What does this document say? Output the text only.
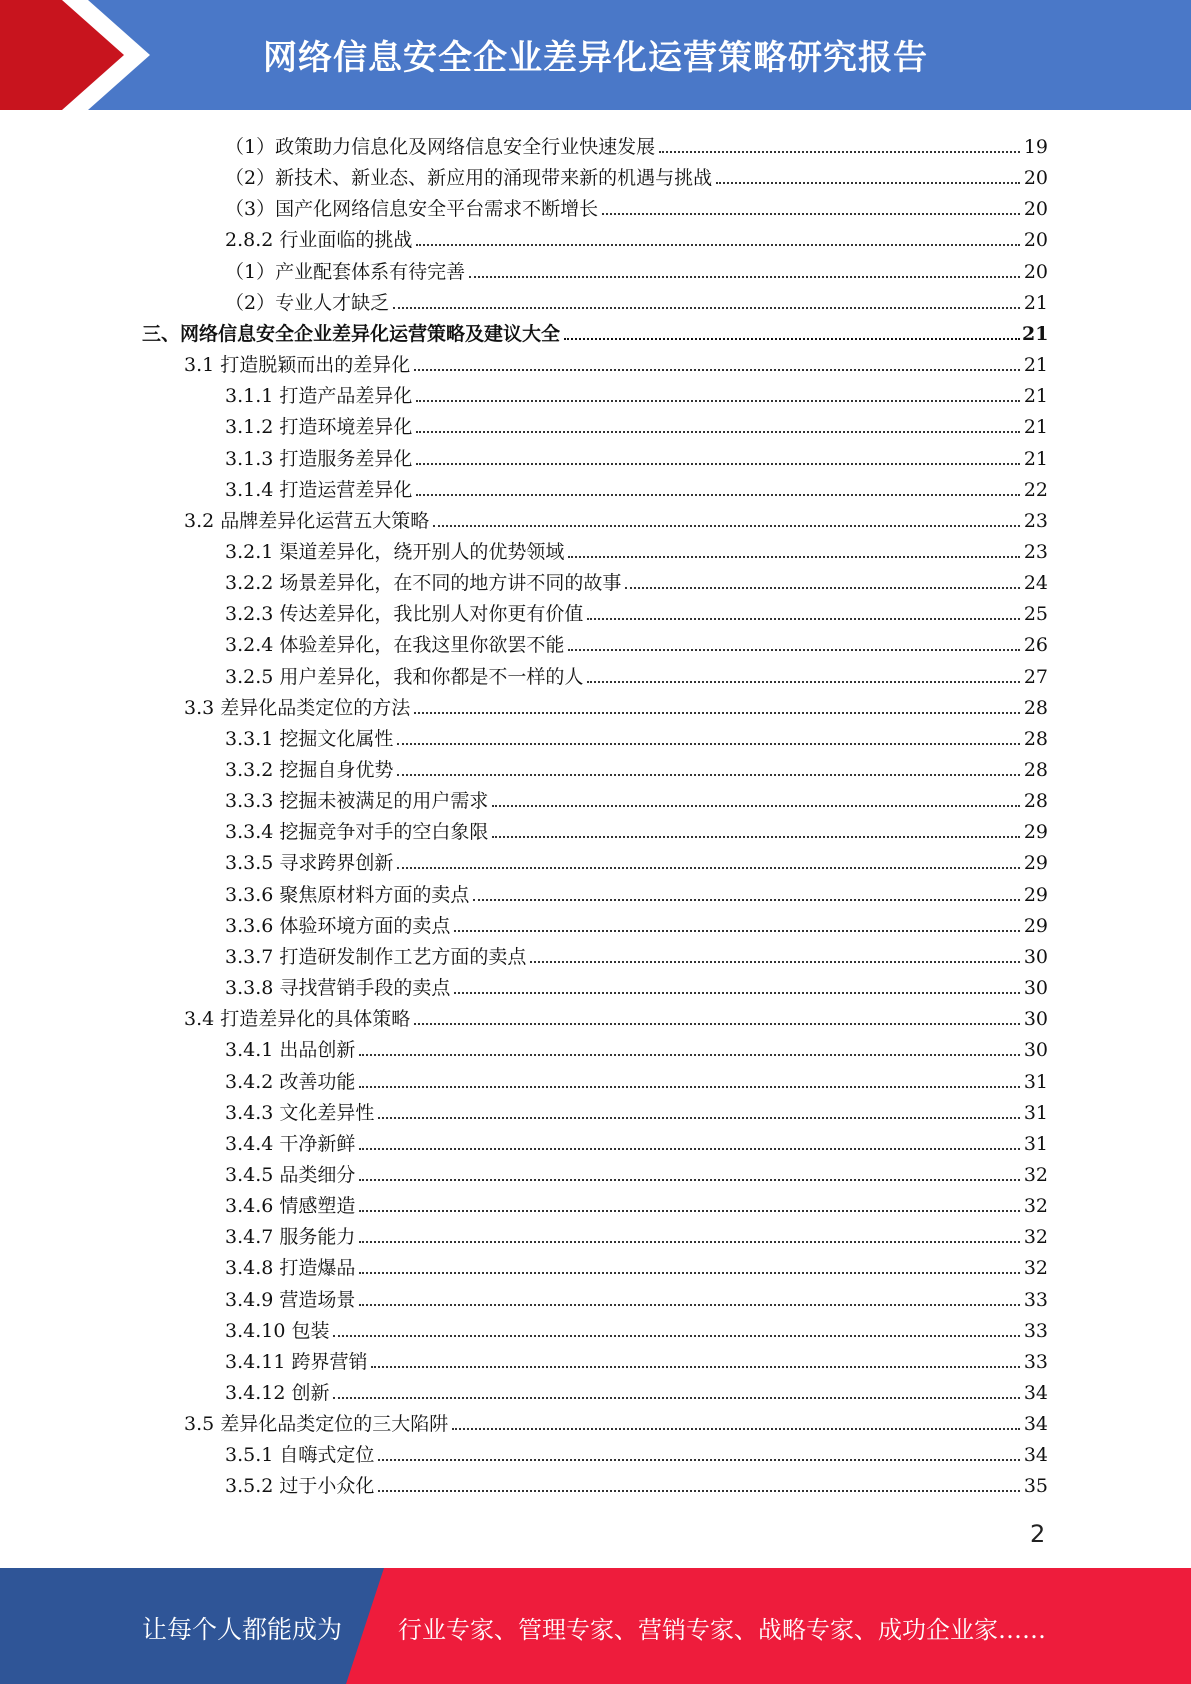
网络信息安全企业差异化运营策略研究报告
（1）政策助力信息化及网络信息安全行业快速发展	19
（2）新技术、新业态、新应用的涌现带来新的机遇与挑战	20
（3）国产化网络信息安全平台需求不断增长	20
2.8.2 行业面临的挑战	20
（1）产业配套体系有待完善	20
（2）专业人才缺乏	21
三、网络信息安全企业差异化运营策略及建议大全	21
3.1 打造脱颖而出的差异化	21
3.1.1 打造产品差异化	21
3.1.2 打造环境差异化	21
3.1.3 打造服务差异化	21
3.1.4 打造运营差异化	22
3.2 品牌差异化运营五大策略	23
3.2.1 渠道差异化，绕开别人的优势领域	23
3.2.2 场景差异化，在不同的地方讲不同的故事	24
3.2.3 传达差异化，我比别人对你更有价值	25
3.2.4 体验差异化，在我这里你欲罢不能	26
3.2.5 用户差异化，我和你都是不一样的人	27
3.3 差异化品类定位的方法	28
3.3.1 挖掘文化属性	28
3.3.2 挖掘自身优势	28
3.3.3 挖掘未被满足的用户需求	28
3.3.4 挖掘竞争对手的空白象限	29
3.3.5 寻求跨界创新	29
3.3.6 聚焦原材料方面的卖点	29
3.3.6 体验环境方面的卖点	29
3.3.7 打造研发制作工艺方面的卖点	30
3.3.8 寻找营销手段的卖点	30
3.4 打造差异化的具体策略	30
3.4.1 出品创新	30
3.4.2 改善功能	31
3.4.3 文化差异性	31
3.4.4 干净新鲜	31
3.4.5 品类细分	32
3.4.6 情感塑造	32
3.4.7 服务能力	32
3.4.8 打造爆品	32
3.4.9 营造场景	33
3.4.10 包装	33
3.4.11 跨界营销	33
3.4.12 创新	34
3.5 差异化品类定位的三大陷阱	34
3.5.1 自嗨式定位	34
3.5.2 过于小众化	35
2
让每个人都能成为 行业专家、管理专家、营销专家、战略专家、成功企业家……
